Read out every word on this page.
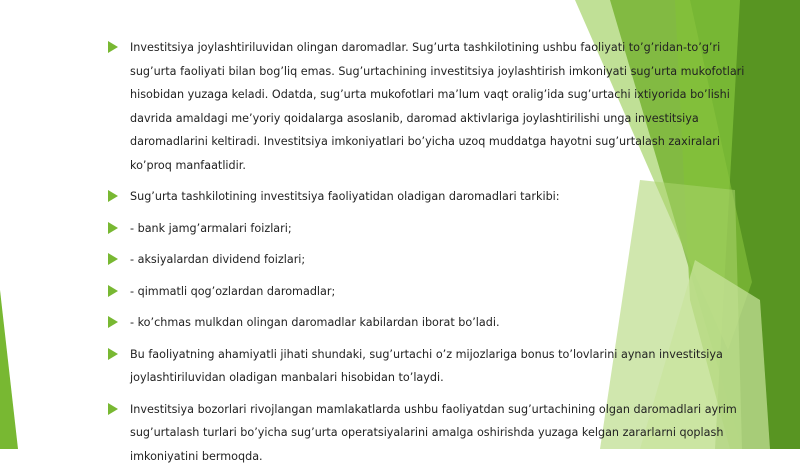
Investitsiya joylashtiriluvidan olingan daromadlar. Sug’urta tashkilotining ushbu faoliyati to’g’ridan-to’g’ri sug’urta faoliyati bilan bog’liq emas. Sug’urtachining investitsiya joylashtirish imkoniyati sug’urta mukofotlari hisobidan yuzaga keladi. Odatda, sug’urta mukofotlari ma’lum vaqt oralig’ida sug’urtachi ixtiyorida bo’lishi davrida amaldagi me’yoriy qoidalarga asoslanib, daromad aktivlariga joylashtirilishi unga investitsiya daromadlarini keltiradi. Investitsiya imkoniyatlari bo’yicha uzoq muddatga hayotni sug’urtalash zaxiralari ko’proq manfaatlidir.
Sug’urta tashkilotining investitsiya faoliyatidan oladigan daromadlari tarkibi:
- bank jamg’armalari foizlari;
- aksiyalardan dividend foizlari;
- qimmatli qog’ozlardan daromadlar;
- ko’chmas mulkdan olingan daromadlar kabilardan iborat bo’ladi.
Bu faoliyatning ahamiyatli jihati shundaki, sug’urtachi o’z mijozlariga bonus to’lovlarini aynan investitsiya joylashtiriluvidan oladigan manbalari hisobidan to’laydi.
Investitsiya bozorlari rivojlangan mamlakatlarda ushbu faoliyatdan sug’urtachining olgan daromadlari ayrim sug’urtalash turlari bo’yicha sug’urta operatsiyalarini amalga oshirishda yuzaga kelgan zararlarni qoplash imkoniyatini bermoqda.
